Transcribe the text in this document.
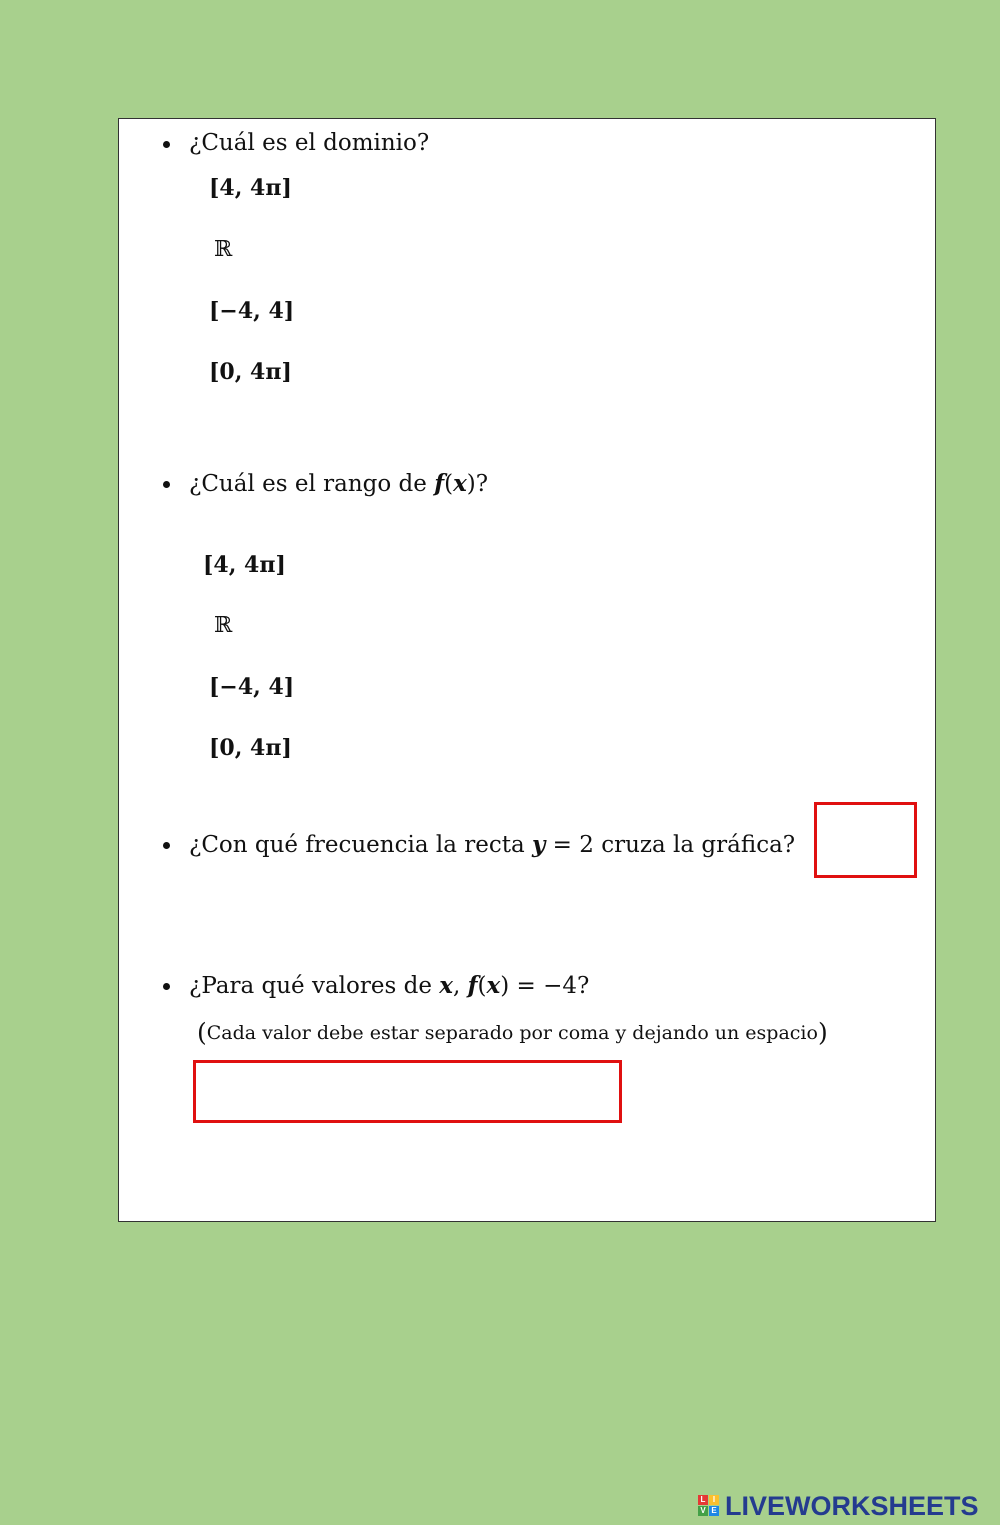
¿Cuál es el dominio?
[4, 4π]
ℝ
[−4, 4]
[0, 4π]
¿Cuál es el rango de f(x)?
[4, 4π]
ℝ
[−4, 4]
[0, 4π]
¿Con qué frecuencia la recta y = 2 cruza la gráfica?
¿Para qué valores de x, f(x) = −4?
(Cada valor debe estar separado por coma y dejando un espacio)
L I
V E LIVEWORKSHEETS
